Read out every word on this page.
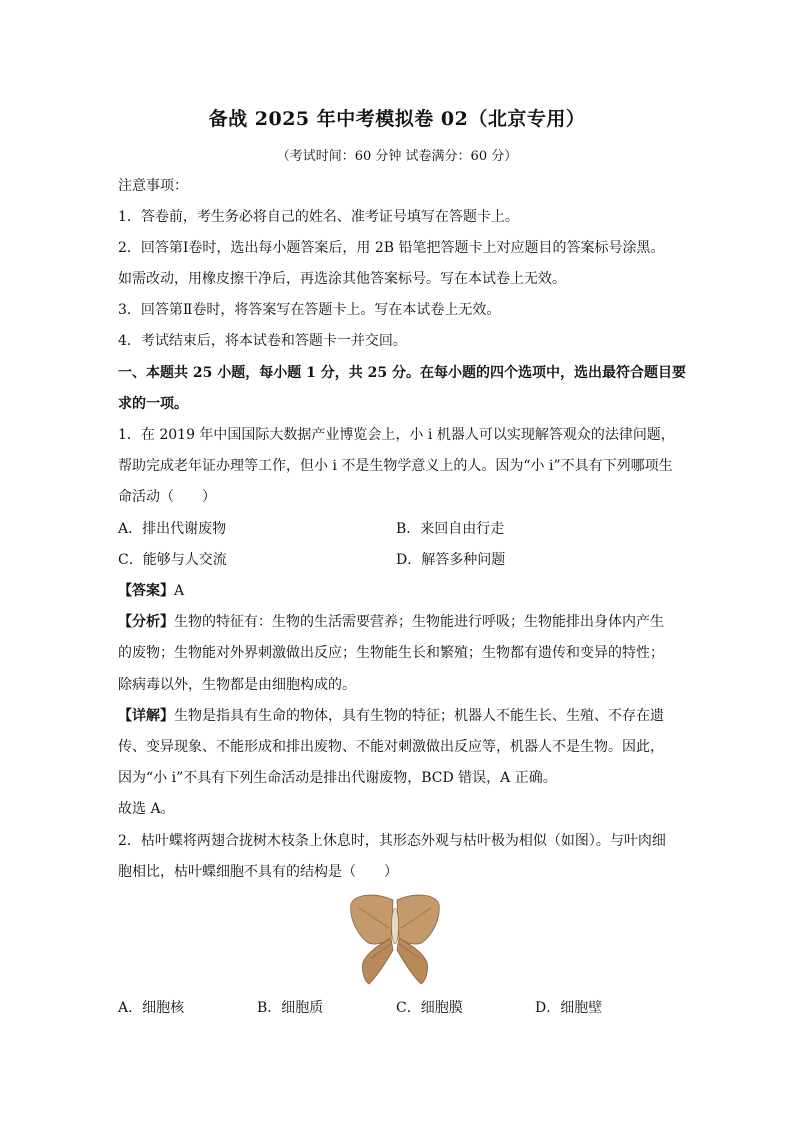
备战 2025 年中考模拟卷 02（北京专用）
（考试时间：60 分钟 试卷满分：60 分）
注意事项：
1．答卷前，考生务必将自己的姓名、准考证号填写在答题卡上。
2．回答第Ⅰ卷时，选出每小题答案后，用 2B 铅笔把答题卡上对应题目的答案标号涂黑。
如需改动，用橡皮擦干净后，再选涂其他答案标号。写在本试卷上无效。
3．回答第Ⅱ卷时，将答案写在答题卡上。写在本试卷上无效。
4．考试结束后，将本试卷和答题卡一并交回。
一、本题共 25 小题，每小题 1 分，共 25 分。在每小题的四个选项中，选出最符合题目要
求的一项。
1．在 2019 年中国国际大数据产业博览会上，小 i 机器人可以实现解答观众的法律问题，
帮助完成老年证办理等工作，但小 i 不是生物学意义上的人。因为“小 i”不具有下列哪项生
命活动（　　）
A．排出代谢废物	B．来回自由行走
C．能够与人交流	D．解答多种问题
【答案】A
【分析】生物的特征有：生物的生活需要营养；生物能进行呼吸；生物能排出身体内产生
的废物；生物能对外界刺激做出反应；生物能生长和繁殖；生物都有遗传和变异的特性；
除病毒以外，生物都是由细胞构成的。
【详解】生物是指具有生命的物体，具有生物的特征；机器人不能生长、生殖、不存在遗
传、变异现象、不能形成和排出废物、不能对刺激做出反应等，机器人不是生物。因此，
因为“小 i”不具有下列生命活动是排出代谢废物，BCD 错误，A 正确。
故选 A。
2．枯叶蝶将两翅合拢树木枝条上休息时，其形态外观与枯叶极为相似（如图）。与叶肉细
胞相比，枯叶蝶细胞不具有的结构是（　　）
A．细胞核	B．细胞质	C．细胞膜	D．细胞壁
